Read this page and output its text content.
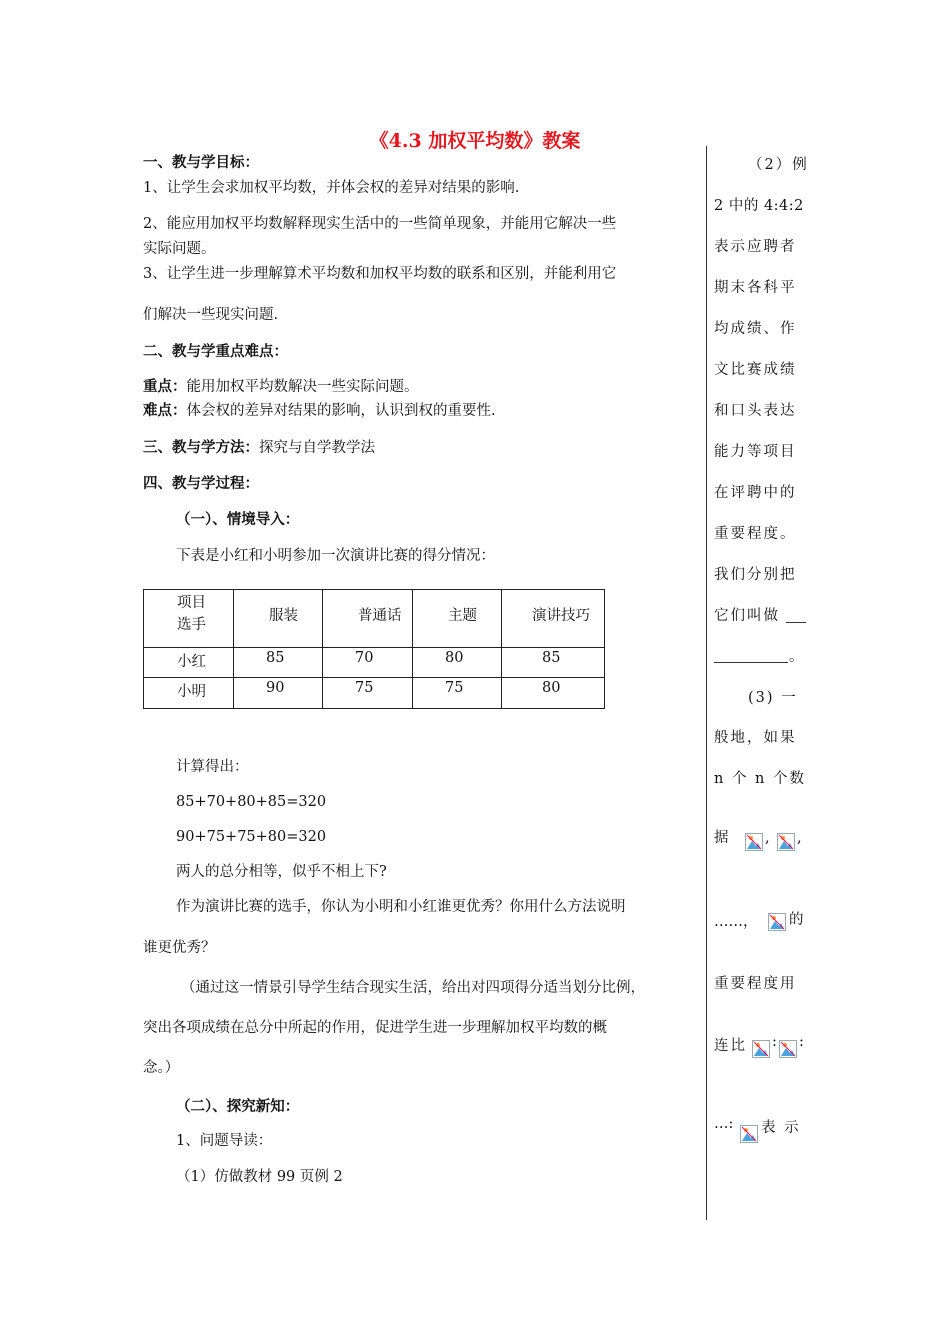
《4.3 加权平均数》教案
一、教与学目标：
1、让学生会求加权平均数，并体会权的差异对结果的影响.
2、能应用加权平均数解释现实生活中的一些简单现象，并能用它解决一些
实际问题。
3、让学生进一步理解算术平均数和加权平均数的联系和区别，并能利用它
们解决一些现实问题.
二、教与学重点难点：
重点：能用加权平均数解决一些实际问题。
难点：体会权的差异对结果的影响，认识到权的重要性.
三、教与学方法：探究与自学教学法
四、教与学过程：
（一）、情境导入：
下表是小红和小明参加一次演讲比赛的得分情况：
项目
选手	服装	普通话	主题	演讲技巧

小红	85	70	80	85

小明	90	75	75	80
计算得出：
85+70+80+85=320
90+75+75+80=320
两人的总分相等，似乎不相上下?
作为演讲比赛的选手，你认为小明和小红谁更优秀？你用什么方法说明
谁更优秀？
（通过这一情景引导学生结合现实生活，给出对四项得分适当划分比例，
突出各项成绩在总分中所起的作用，促进学生进一步理解加权平均数的概
念。）
（二）、探究新知：
1、问题导读：
（1）仿做教材 99 页例 2
（2）例
2 中的 4:4:2
表示应聘者
期末各科平
均成绩、作
文比赛成绩
和口头表达
能力等项目
在评聘中的
重要程度。
我们分别把
它们叫做
。
(3) 一
般地，如果
n 个 n 个数
据 , ,
……， 的
重要程度用
连比 : :
…: 表 示
